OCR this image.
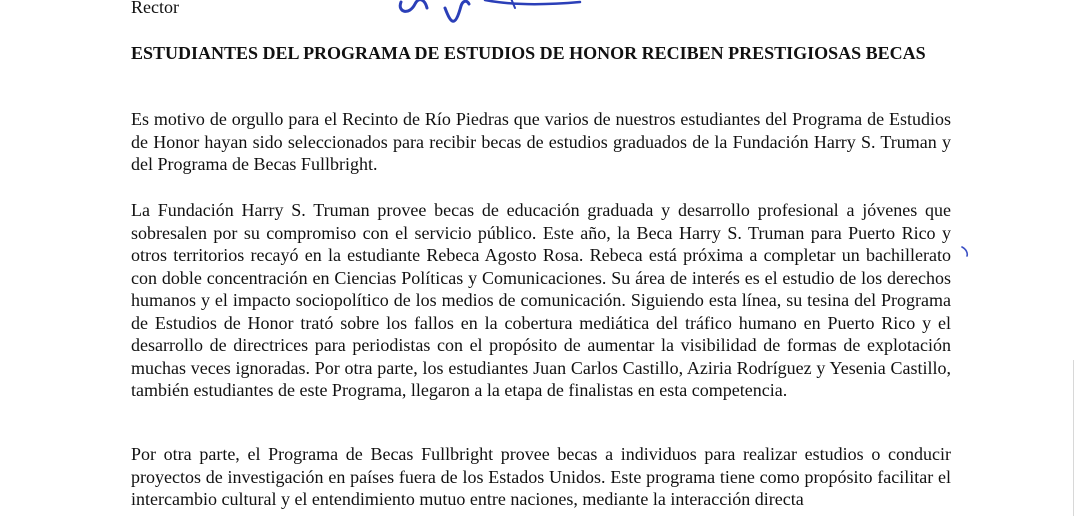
Rector
ESTUDIANTES DEL PROGRAMA DE ESTUDIOS DE HONOR RECIBEN PRESTIGIOSAS BECAS

Es motivo de orgullo para el Recinto de Río Piedras que varios de nuestros estudiantes del Programa de Estudios de Honor hayan sido seleccionados para recibir becas de estudios graduados de la Fundación Harry S. Truman y del Programa de Becas Fullbright.

La Fundación Harry S. Truman provee becas de educación graduada y desarrollo profesional a jóvenes que sobresalen por su compromiso con el servicio público. Este año, la Beca Harry S. Truman para Puerto Rico y otros territorios recayó en la estudiante Rebeca Agosto Rosa. Rebeca está próxima a completar un bachillerato con doble concentración en Ciencias Políticas y Comunicaciones. Su área de interés es el estudio de los derechos humanos y el impacto sociopolítico de los medios de comunicación. Siguiendo esta línea, su tesina del Programa de Estudios de Honor trató sobre los fallos en la cobertura mediática del tráfico humano en Puerto Rico y el desarrollo de directrices para periodistas con el propósito de aumentar la visibilidad de formas de explotación muchas veces ignoradas. Por otra parte, los estudiantes Juan Carlos Castillo, Aziria Rodríguez y Yesenia Castillo, también estudiantes de este Programa, llegaron a la etapa de finalistas en esta competencia.

Por otra parte, el Programa de Becas Fullbright provee becas a individuos para realizar estudios o conducir proyectos de investigación en países fuera de los Estados Unidos. Este programa tiene como propósito facilitar el intercambio cultural y el entendimiento mutuo entre naciones, mediante la interacción directa
